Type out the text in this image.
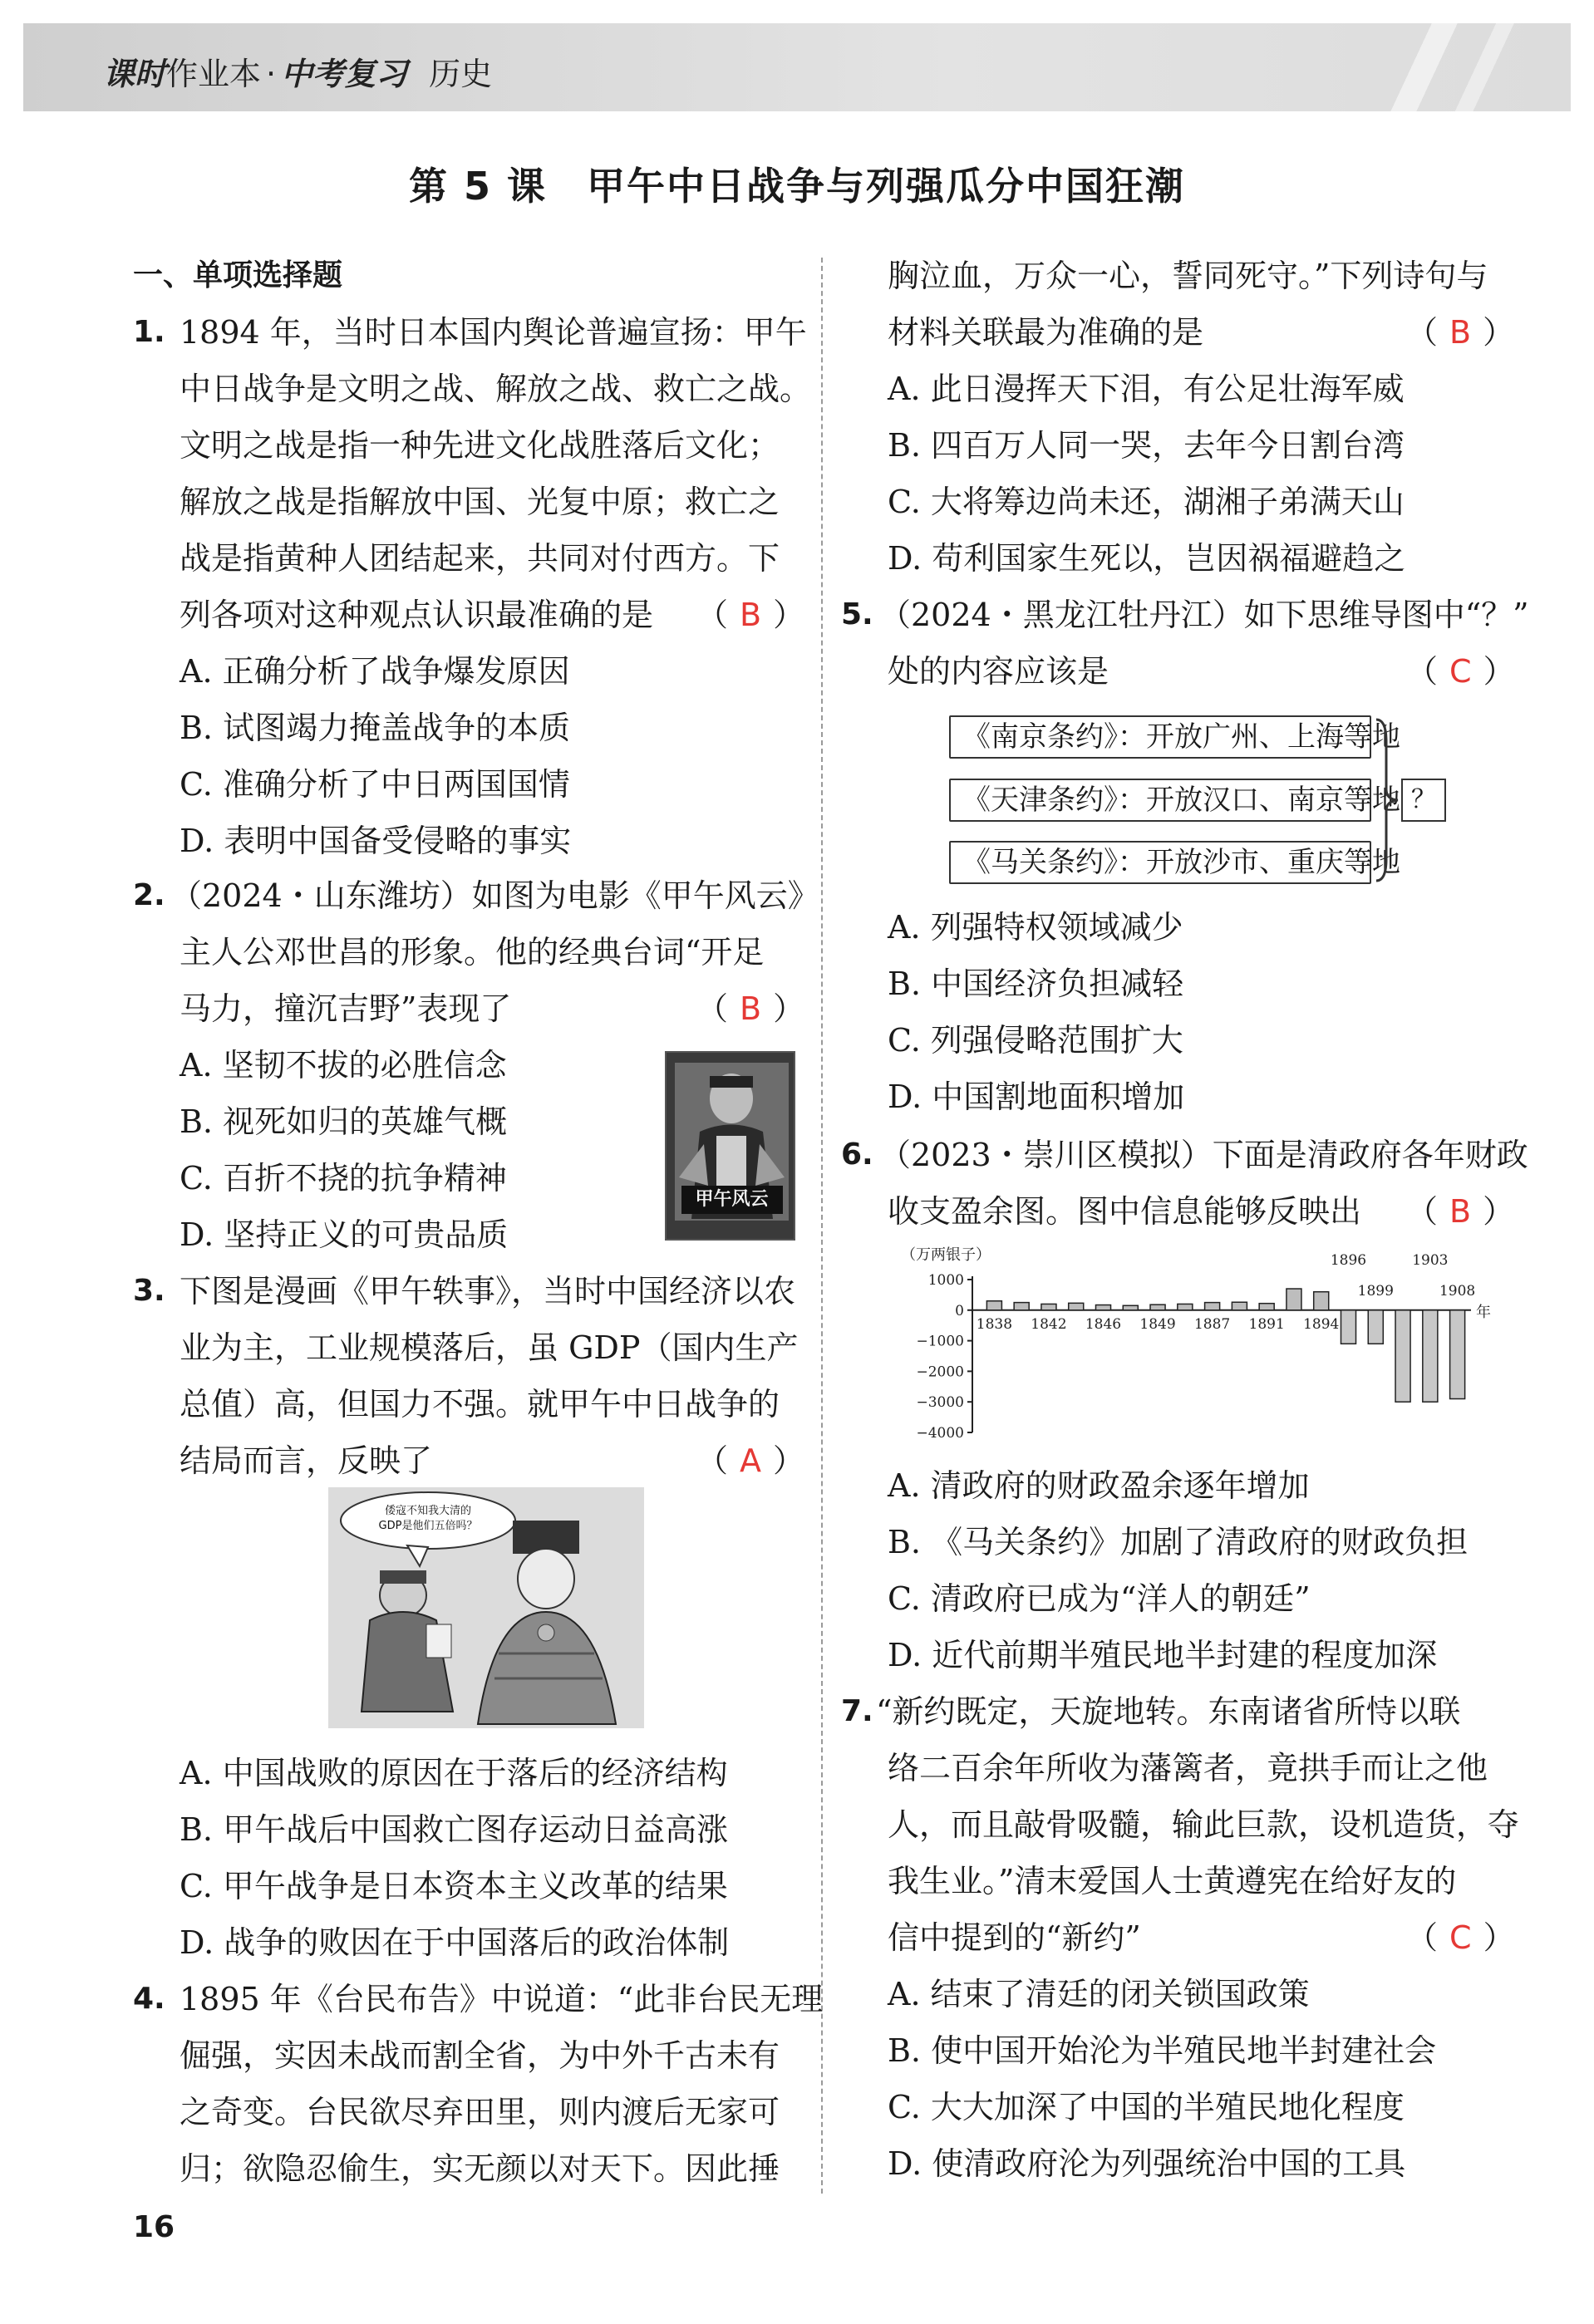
课时作业本 · 中考复习 历史
第 5 课　甲午中日战争与列强瓜分中国狂潮
一、单项选择题
1. 1894 年，当时日本国内舆论普遍宣扬：甲午
中日战争是文明之战、解放之战、救亡之战。
文明之战是指一种先进文化战胜落后文化；
解放之战是指解放中国、光复中原；救亡之
战是指黄种人团结起来，共同对付西方。下
列各项对这种观点认识最准确的是 （ B ）
A. 正确分析了战争爆发原因
B. 试图竭力掩盖战争的本质
C. 准确分析了中日两国国情
D. 表明中国备受侵略的事实
2. （2024・山东潍坊）如图为电影《甲午风云》
主人公邓世昌的形象。他的经典台词“开足
马力，撞沉吉野”表现了	（ B ）
A. 坚韧不拔的必胜信念
B. 视死如归的英雄气概
C. 百折不挠的抗争精神
D. 坚持正义的可贵品质
甲午风云
3. 下图是漫画《甲午轶事》，当时中国经济以农
业为主，工业规模落后，虽 GDP（国内生产
总值）高，但国力不强。就甲午中日战争的
结局而言，反映了	（ A ）
倭寇不知我大清的
GDP是他们五倍吗？
A. 中国战败的原因在于落后的经济结构
B. 甲午战后中国救亡图存运动日益高涨
C. 甲午战争是日本资本主义改革的结果
D. 战争的败因在于中国落后的政治体制
4. 1895 年《台民布告》中说道：“此非台民无理
倔强，实因未战而割全省，为中外千古未有
之奇变。台民欲尽弃田里，则内渡后无家可
归；欲隐忍偷生，实无颜以对天下。因此捶
胸泣血，万众一心，誓同死守。”下列诗句与
材料关联最为准确的是	（ B ）
A. 此日漫挥天下泪，有公足壮海军威
B. 四百万人同一哭，去年今日割台湾
C. 大将筹边尚未还，湖湘子弟满天山
D. 苟利国家生死以，岂因祸福避趋之
5. （2024・黑龙江牡丹江）如下思维导图中“？”
处的内容应该是	（ C ）
《南京条约》：开放广州、上海等地
《天津条约》：开放汉口、南京等地
《马关条约》：开放沙市、重庆等地
？
A. 列强特权领域减少
B. 中国经济负担减轻
C. 列强侵略范围扩大
D. 中国割地面积增加
6. （2023・崇川区模拟）下面是清政府各年财政
收支盈余图。图中信息能够反映出 （ B ）
（万两银子）
年
1000
0
−1000
−2000
−3000
−4000
1838 1842 1846 1849 1887 1891 1894
1896
1899
1903
1908
A. 清政府的财政盈余逐年增加
B. 《马关条约》加剧了清政府的财政负担
C. 清政府已成为“洋人的朝廷”
D. 近代前期半殖民地半封建的程度加深
7. “新约既定，天旋地转。东南诸省所恃以联
络二百余年所收为藩篱者，竟拱手而让之他
人，而且敲骨吸髓，输此巨款，设机造货，夺
我生业。”清末爱国人士黄遵宪在给好友的
信中提到的“新约”	（ C ）
A. 结束了清廷的闭关锁国政策
B. 使中国开始沦为半殖民地半封建社会
C. 大大加深了中国的半殖民地化程度
D. 使清政府沦为列强统治中国的工具
16
